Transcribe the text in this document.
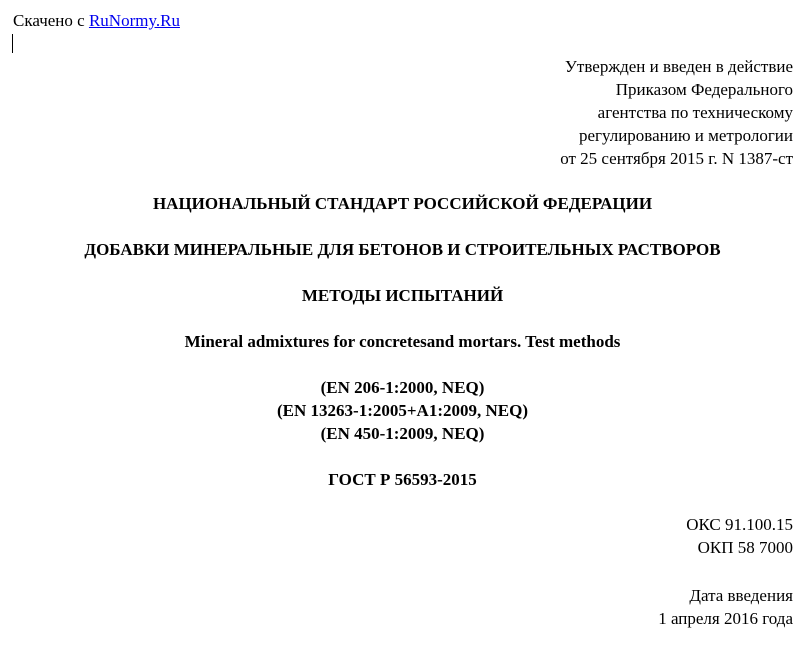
Скачено с RuNormy.Ru
Утвержден и введен в действие
Приказом Федерального
агентства по техническому
регулированию и метрологии
от 25 сентября 2015 г. N 1387-ст
НАЦИОНАЛЬНЫЙ СТАНДАРТ РОССИЙСКОЙ ФЕДЕРАЦИИ
ДОБАВКИ МИНЕРАЛЬНЫЕ ДЛЯ БЕТОНОВ И СТРОИТЕЛЬНЫХ РАСТВОРОВ
МЕТОДЫ ИСПЫТАНИЙ
Mineral admixtures for concretesand mortars. Test methods
(EN 206-1:2000, NEQ)
(EN 13263-1:2005+A1:2009, NEQ)
(EN 450-1:2009, NEQ)
ГОСТ Р 56593-2015
ОКС 91.100.15
ОКП 58 7000
Дата введения
1 апреля 2016 года
